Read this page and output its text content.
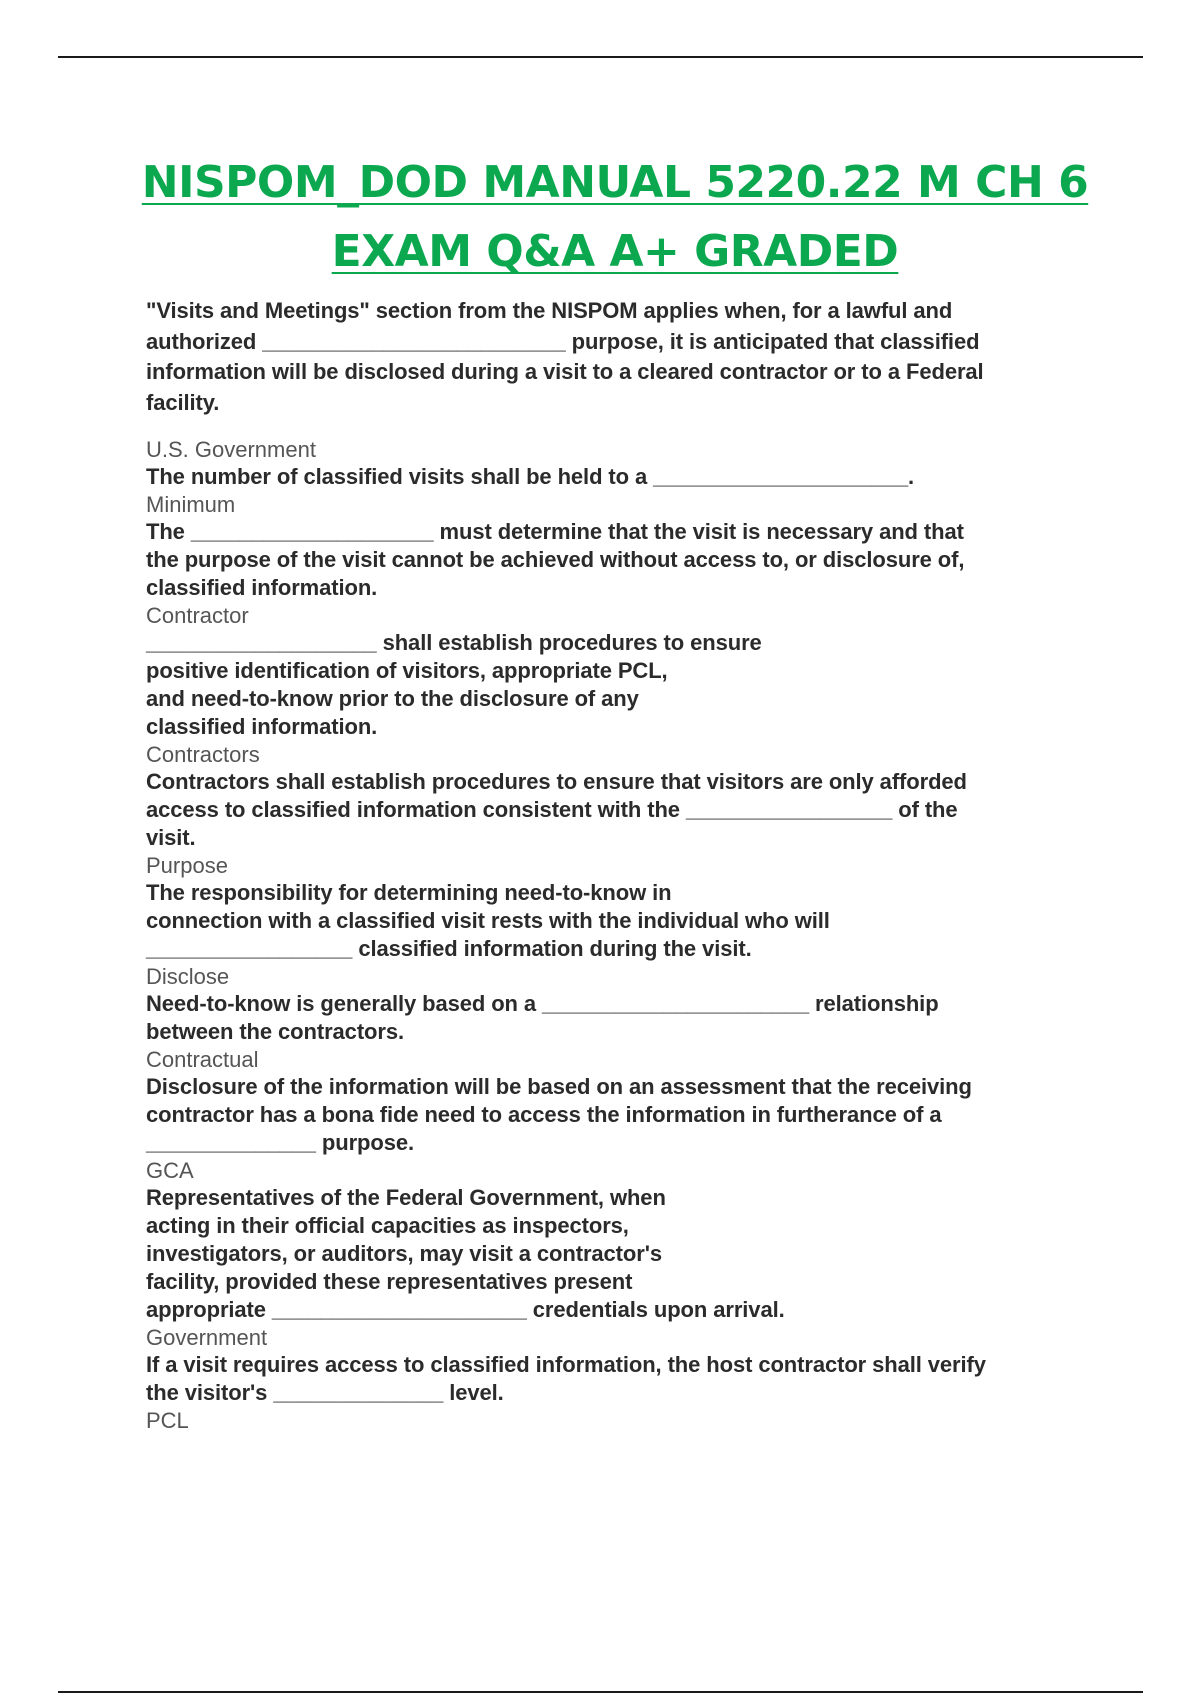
NISPOM_DOD MANUAL 5220.22 M CH 6
EXAM Q&A A+ GRADED
"Visits and Meetings" section from the NISPOM applies when, for a lawful and
authorized _________________________ purpose, it is anticipated that classified
information will be disclosed during a visit to a cleared contractor or to a Federal
facility.
U.S. Government
The number of classified visits shall be held to a _____________________.
Minimum
The ____________________ must determine that the visit is necessary and that
the purpose of the visit cannot be achieved without access to, or disclosure of,
classified information.
Contractor
___________________ shall establish procedures to ensure
positive identification of visitors, appropriate PCL,
and need-to-know prior to the disclosure of any
classified information.
Contractors
Contractors shall establish procedures to ensure that visitors are only afforded
access to classified information consistent with the _________________ of the
visit.
Purpose
The responsibility for determining need-to-know in
connection with a classified visit rests with the individual who will
_________________ classified information during the visit.
Disclose
Need-to-know is generally based on a ______________________ relationship
between the contractors.
Contractual
Disclosure of the information will be based on an assessment that the receiving
contractor has a bona fide need to access the information in furtherance of a
______________ purpose.
GCA
Representatives of the Federal Government, when
acting in their official capacities as inspectors,
investigators, or auditors, may visit a contractor's
facility, provided these representatives present
appropriate _____________________ credentials upon arrival.
Government
If a visit requires access to classified information, the host contractor shall verify
the visitor's ______________ level.
PCL
